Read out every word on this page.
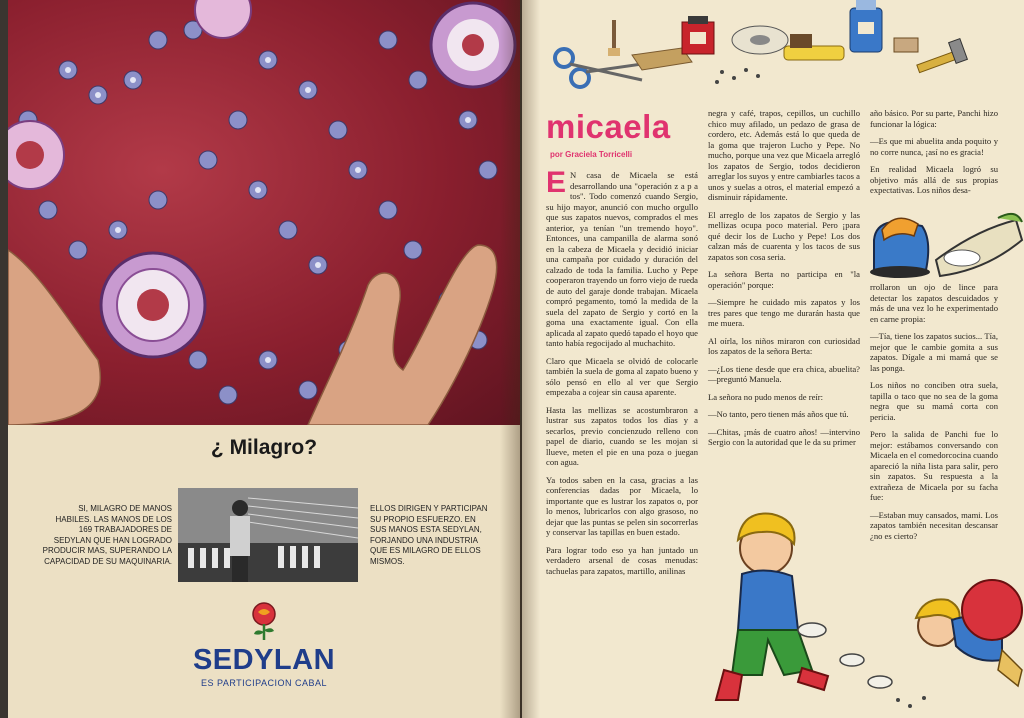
¿ Milagro?
SI, MILAGRO DE MANOS HABILES. LAS MANOS DE LOS 169 TRABAJADORES DE SEDYLAN QUE HAN LOGRADO PRODUCIR MAS, SUPERANDO LA CAPACIDAD DE SU MAQUINARIA.
ELLOS DIRIGEN Y PARTICIPAN SU PROPIO ESFUERZO. EN SUS MANOS ESTA SEDYLAN, FORJANDO UNA INDUSTRIA QUE ES MILAGRO DE ELLOS MISMOS.
SEDYLAN
ES PARTICIPACION CABAL
micaela
por Graciela Torricelli

E N casa de Micaela se está desarrollando una "operación z a p a tos". Todo comenzó cuando Sergio, su hijo mayor, anunció con mucho orgullo que sus zapatos nuevos, comprados el mes anterior, ya tenían "un tremendo hoyo". Entonces, una campanilla de alarma sonó en la cabeza de Micaela y decidió iniciar una campaña por cuidado y duración del calzado de toda la familia. Lucho y Pepe cooperaron trayendo un forro viejo de rueda de auto del garaje donde trabajan. Micaela compró pegamento, tomó la medida de la suela del zapato de Sergio y cortó en la goma una exactamente igual. Con ella aplicada al zapato quedó tapado el hoyo que tanto había regocijado al muchachito.

Claro que Micaela se olvidó de colocarle también la suela de goma al zapato bueno y sólo pensó en ello al ver que Sergio empezaba a cojear sin causa aparente.

Hasta las mellizas se acostumbraron a lustrar sus zapatos todos los días y a secarlos, previo concienzudo relleno con papel de diario, cuando se les mojan si llueve, meten el pie en una poza o juegan con agua.

Ya todos saben en la casa, gracias a las conferencias dadas por Micaela, lo importante que es lustrar los zapatos o, por lo menos, lubricarlos con algo grasoso, no dejar que las puntas se pelen sin socorrerlas y conservar las tapillas en buen estado.

Para lograr todo eso ya han juntado un verdadero arsenal de cosas menudas: tachuelas para zapatos, martillo, anilinas

negra y café, trapos, cepillos, un cuchillo chico muy afilado, un pedazo de grasa de cordero, etc. Además está lo que queda de la goma que trajeron Lucho y Pepe. No mucho, porque una vez que Micaela arregló los zapatos de Sergio, todos decidieron arreglar los suyos y entre cambiarles tacos a unos y suelas a otros, el material empezó a disminuir rápidamente.

El arreglo de los zapatos de Sergio y las mellizas ocupa poco material. Pero ¡para qué decir los de Lucho y Pepe! Los dos calzan más de cuarenta y los tacos de sus zapatos son cosa seria.

La señora Berta no participa en "la operación" porque:

—Siempre he cuidado mis zapatos y los tres pares que tengo me durarán hasta que me muera.

Al oírla, los niños miraron con curiosidad los zapatos de la señora Berta:

—¿Los tiene desde que era chica, abuelita? —preguntó Manuela.

La señora no pudo menos de reír:

—No tanto, pero tienen más años que tú.

—Chitas, ¡más de cuatro años! —intervino Sergio con la autoridad que le da su primer

año básico. Por su parte, Panchi hizo funcionar la lógica:

—Es que mi abuelita anda poquito y no corre nunca, ¡así no es gracia!

En realidad Micaela logró su objetivo más allá de sus propias expectativas. Los niños desa-

rrollaron un ojo de lince para detectar los zapatos descuidados y más de una vez lo he experimentado en carne propia:

—Tía, tiene los zapatos sucios... Tía, mejor que le cambie gomita a sus zapatos. Dígale a mi mamá que se las ponga.

Los niños no conciben otra suela, tapilla o taco que no sea de la goma negra que su mamá corta con pericia.

Pero la salida de Panchi fue lo mejor: estábamos conversando con Micaela en el comedorcocina cuando apareció la niña lista para salir, pero sin zapatos. Su respuesta a la extrañeza de Micaela por su facha fue:

—Estaban muy cansados, mami. Los zapatos también necesitan descansar ¿no es cierto?
